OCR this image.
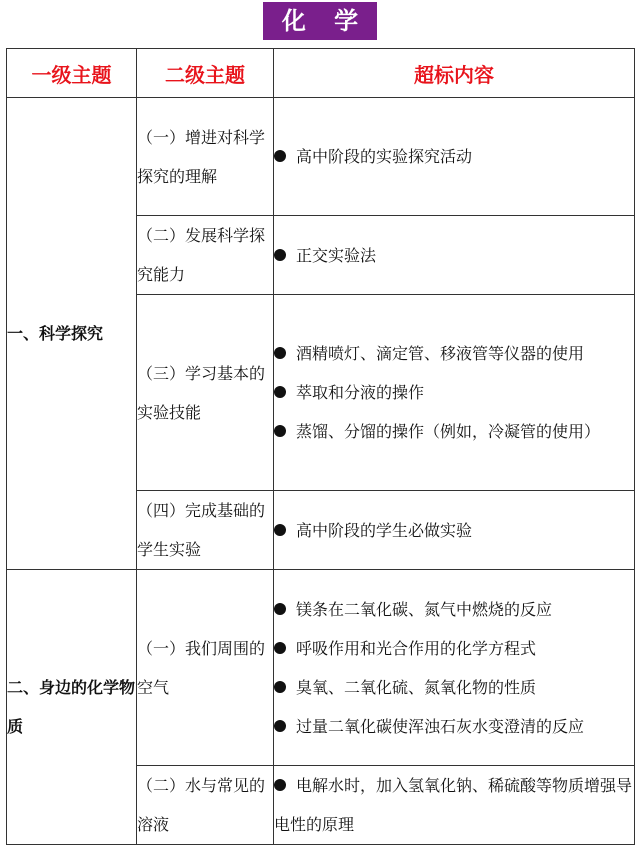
化 学
一级主题	二级主题	超标内容
一、科学探究	（一）增进对科学探究的理解	高中阶段的实验探究活动

	（二）发展科学探究能力	正交实验法

	（三）学习基本的实验技能	酒精喷灯、滴定管、移液管等仪器的使用
萃取和分液的操作
蒸馏、分馏的操作（例如，冷凝管的使用）

	（四）完成基础的学生实验	高中阶段的学生必做实验

二、身边的化学物质	（一）我们周围的空气	镁条在二氧化碳、氮气中燃烧的反应
呼吸作用和光合作用的化学方程式
臭氧、二氧化硫、氮氧化物的性质
过量二氧化碳使浑浊石灰水变澄清的反应

	（二）水与常见的溶液	电解水时，加入氢氧化钠、稀硫酸等物质增强导电性的原理
